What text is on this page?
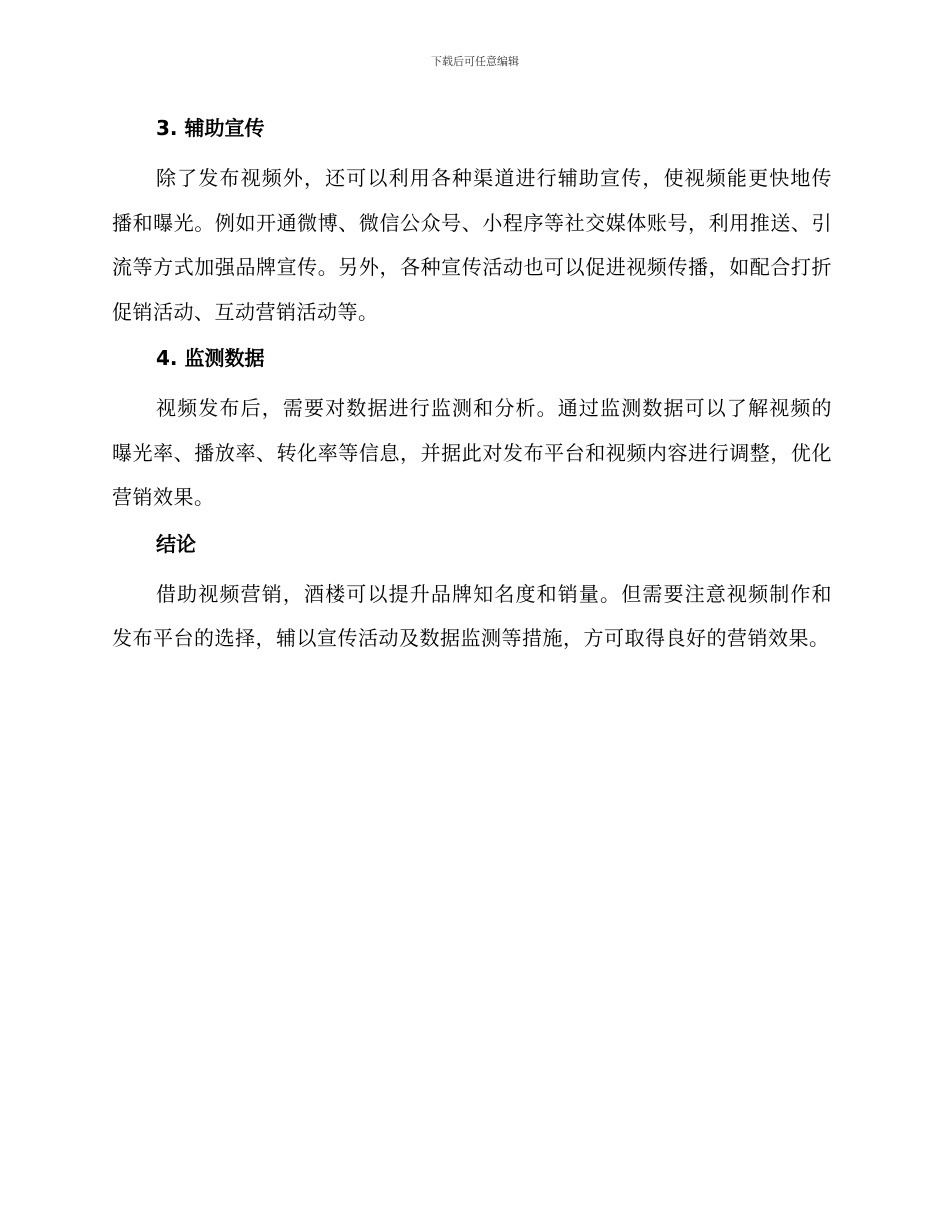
下载后可任意编辑
3. 辅助宣传

除了发布视频外，还可以利用各种渠道进行辅助宣传，使视频能更快地传播和曝光。例如开通微博、微信公众号、小程序等社交媒体账号，利用推送、引流等方式加强品牌宣传。另外，各种宣传活动也可以促进视频传播，如配合打折促销活动、互动营销活动等。

4. 监测数据

视频发布后，需要对数据进行监测和分析。通过监测数据可以了解视频的曝光率、播放率、转化率等信息，并据此对发布平台和视频内容进行调整，优化营销效果。

结论

借助视频营销，酒楼可以提升品牌知名度和销量。但需要注意视频制作和发布平台的选择，辅以宣传活动及数据监测等措施，方可取得良好的营销效果。
